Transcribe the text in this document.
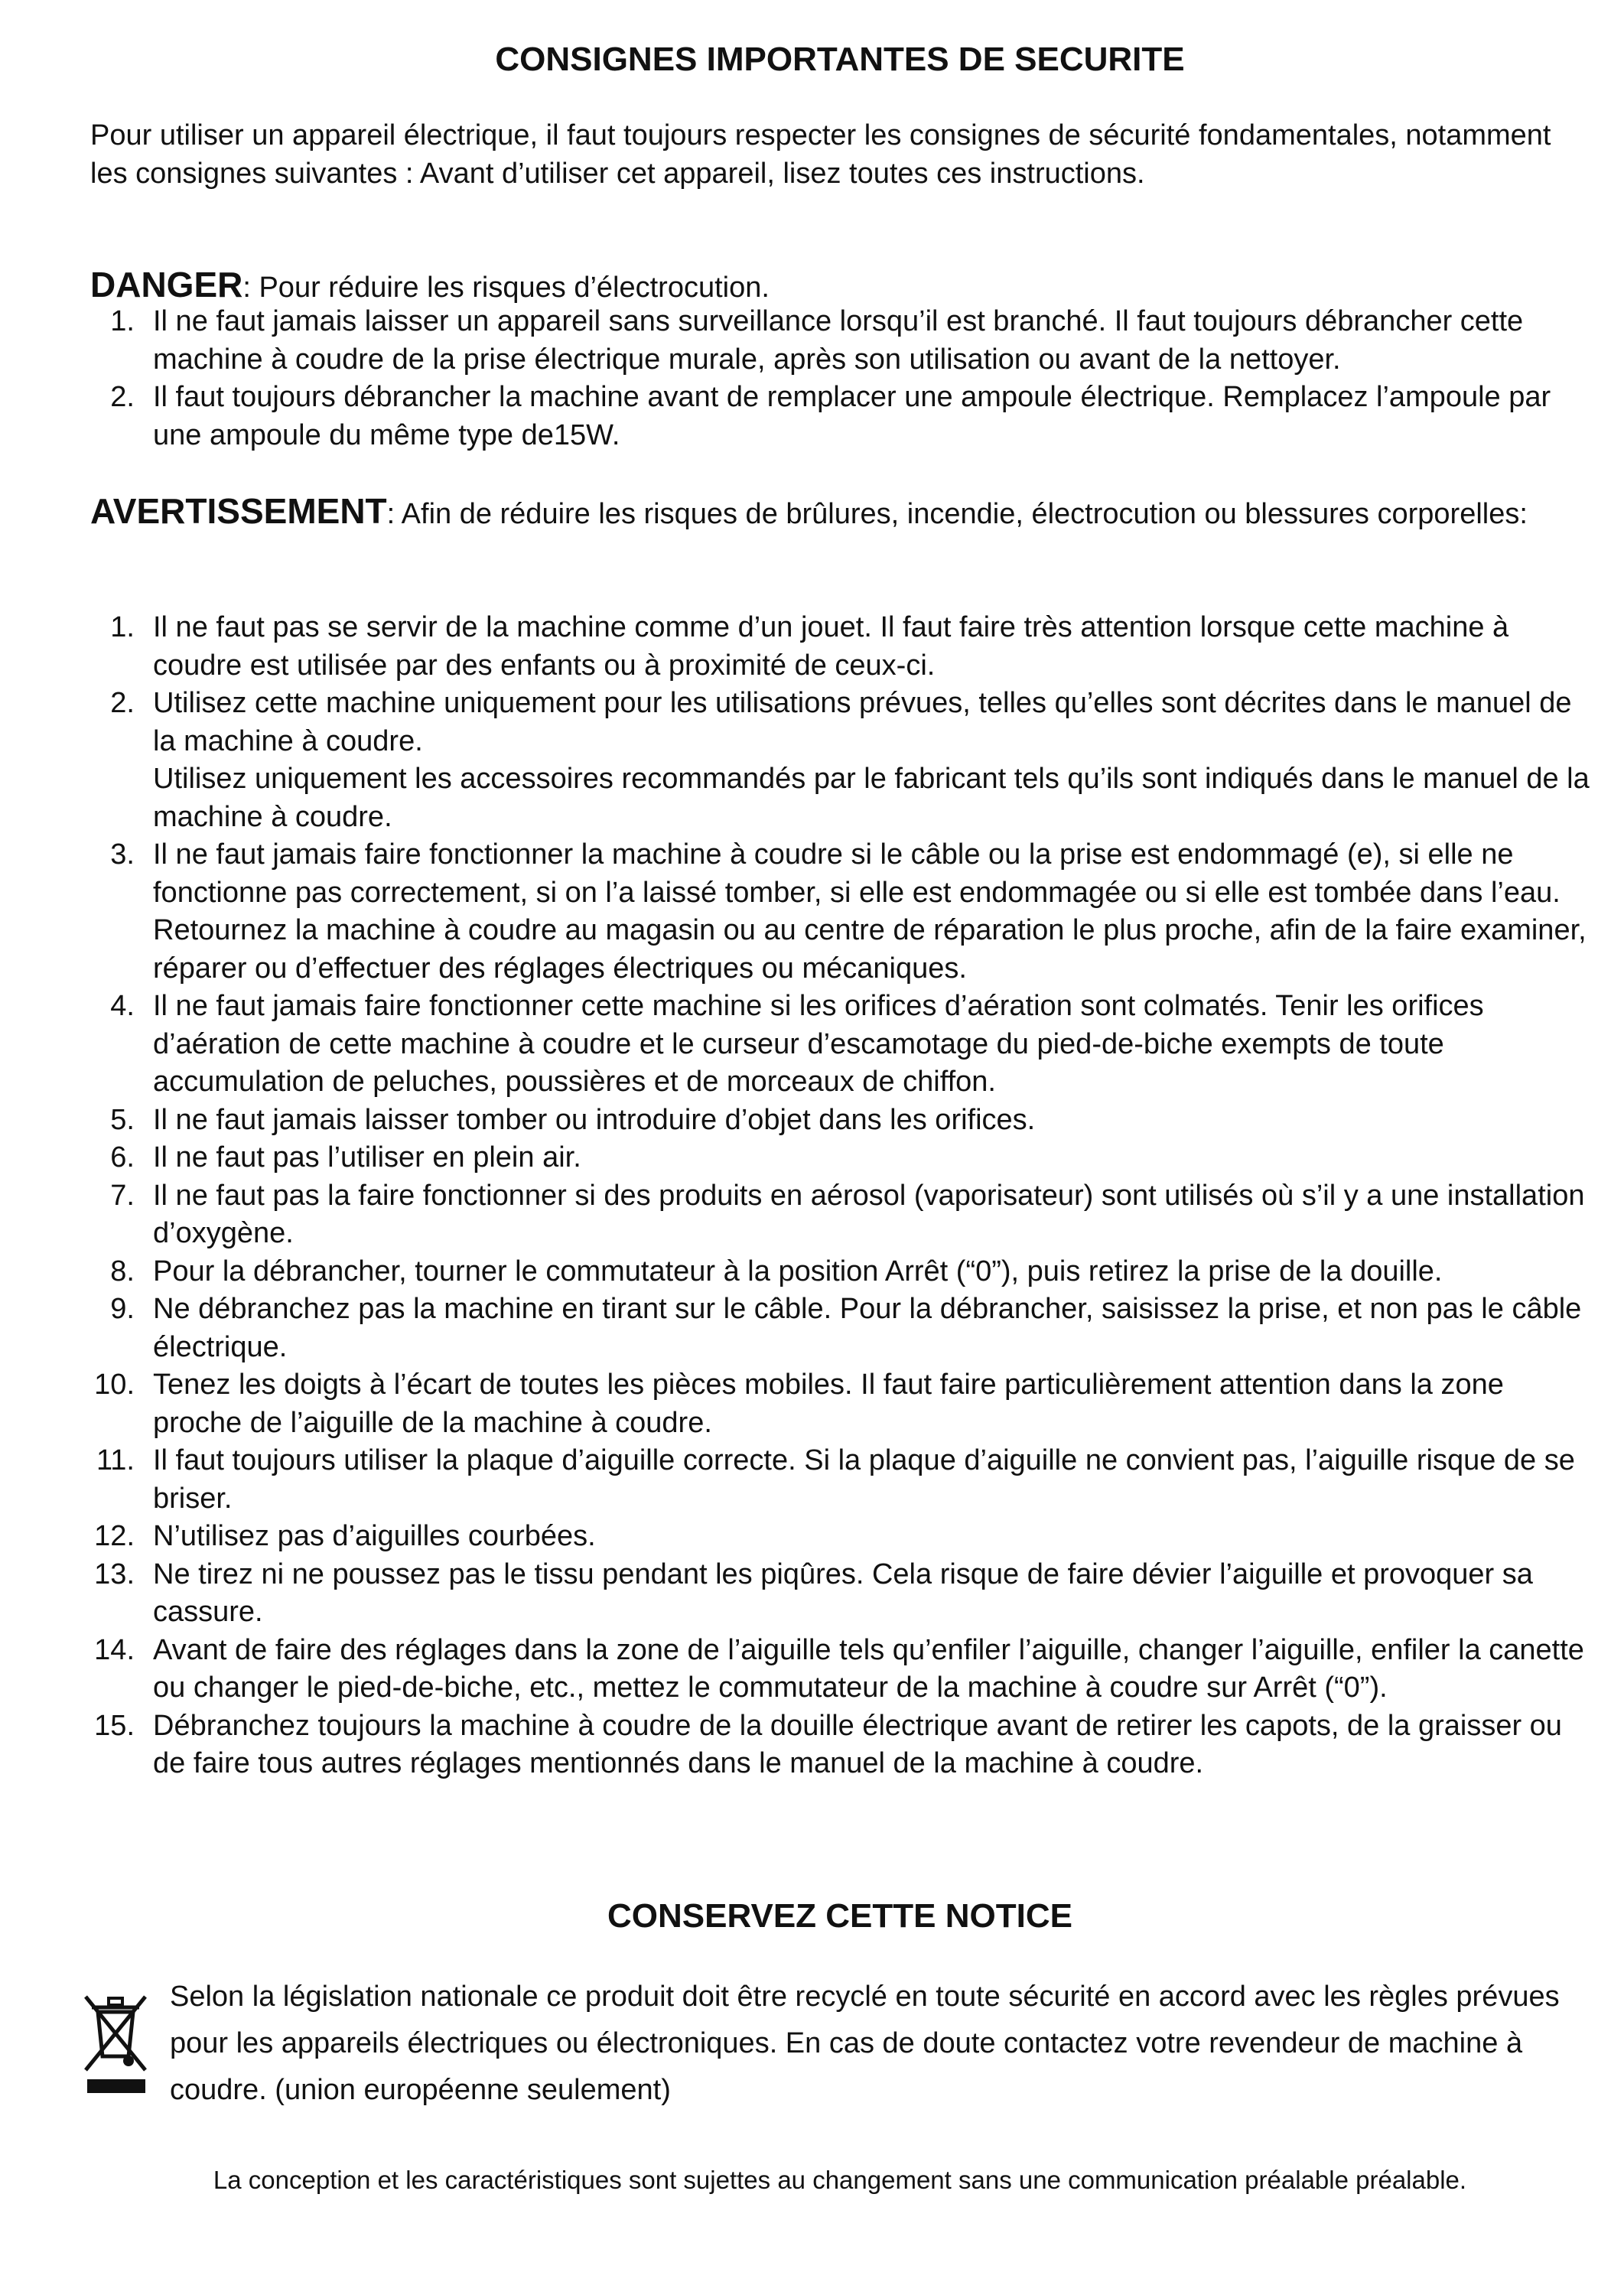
CONSIGNES IMPORTANTES DE SECURITE

Pour utiliser un appareil électrique, il faut toujours respecter les consignes de sécurité fondamentales, notamment les consignes suivantes : Avant d’utiliser cet appareil, lisez toutes ces instructions.

DANGER: Pour réduire les risques d’électrocution.
1. Il ne faut jamais laisser un appareil sans surveillance lorsqu’il est branché. Il faut toujours débrancher cette machine à coudre de la prise électrique murale, après son utilisation ou avant de la nettoyer.
2. Il faut toujours débrancher la machine avant de remplacer une ampoule électrique. Remplacez l’ampoule par une ampoule du même type de15W.
AVERTISSEMENT: Afin de réduire les risques de brûlures, incendie, électrocution ou blessures corporelles:
1. Il ne faut pas se servir de la machine comme d’un jouet. Il faut faire très attention lorsque cette machine à coudre est utilisée par des enfants ou à proximité de ceux-ci.
2. Utilisez cette machine uniquement pour les utilisations prévues, telles qu’elles sont décrites dans le manuel de la machine à coudre.
Utilisez uniquement les accessoires recommandés par le fabricant tels qu’ils sont indiqués dans le manuel de la machine à coudre.
3. Il ne faut jamais faire fonctionner la machine à coudre si le câble ou la prise est endommagé (e), si elle ne fonctionne pas correctement, si on l’a laissé tomber, si elle est endommagée ou si elle est tombée dans l’eau.
Retournez la machine à coudre au magasin ou au centre de réparation le plus proche, afin de la faire examiner, réparer ou d’effectuer des réglages électriques ou mécaniques.
4. Il ne faut jamais faire fonctionner cette machine si les orifices d’aération sont colmatés. Tenir les orifices d’aération de cette machine à coudre et le curseur d’escamotage du pied-de-biche exempts de toute accumulation de peluches, poussières et de morceaux de chiffon.
5. Il ne faut jamais laisser tomber ou introduire d’objet dans les orifices.
6. Il ne faut pas l’utiliser en plein air.
7. Il ne faut pas la faire fonctionner si des produits en aérosol (vaporisateur) sont utilisés où s’il y a une installation d’oxygène.
8. Pour la débrancher, tourner le commutateur à la position Arrêt (“0”), puis retirez la prise de la douille.
9. Ne débranchez pas la machine en tirant sur le câble. Pour la débrancher, saisissez la prise, et non pas le câble électrique.
10. Tenez les doigts à l’écart de toutes les pièces mobiles. Il faut faire particulièrement attention dans la zone proche de l’aiguille de la machine à coudre.
11. Il faut toujours utiliser la plaque d’aiguille correcte. Si la plaque d’aiguille ne convient pas, l’aiguille risque de se briser.
12. N’utilisez pas d’aiguilles courbées.
13. Ne tirez ni ne poussez pas le tissu pendant les piqûres. Cela risque de faire dévier l’aiguille et provoquer sa cassure.
14. Avant de faire des réglages dans la zone de l’aiguille tels qu’enfiler l’aiguille, changer l’aiguille, enfiler la canette ou changer le pied-de-biche, etc., mettez le commutateur de la machine à coudre sur Arrêt (“0”).
15. Débranchez toujours la machine à coudre de la douille électrique avant de retirer les capots, de la graisser ou de faire tous autres réglages mentionnés dans le manuel de la machine à coudre.
CONSERVEZ CETTE NOTICE

Selon la législation nationale ce produit doit être recyclé en toute sécurité en accord avec les règles prévues pour les appareils électriques ou électroniques. En cas de doute contactez votre revendeur de machine à coudre. (union européenne seulement)

La conception et les caractéristiques sont sujettes au changement sans une communication préalable préalable.
